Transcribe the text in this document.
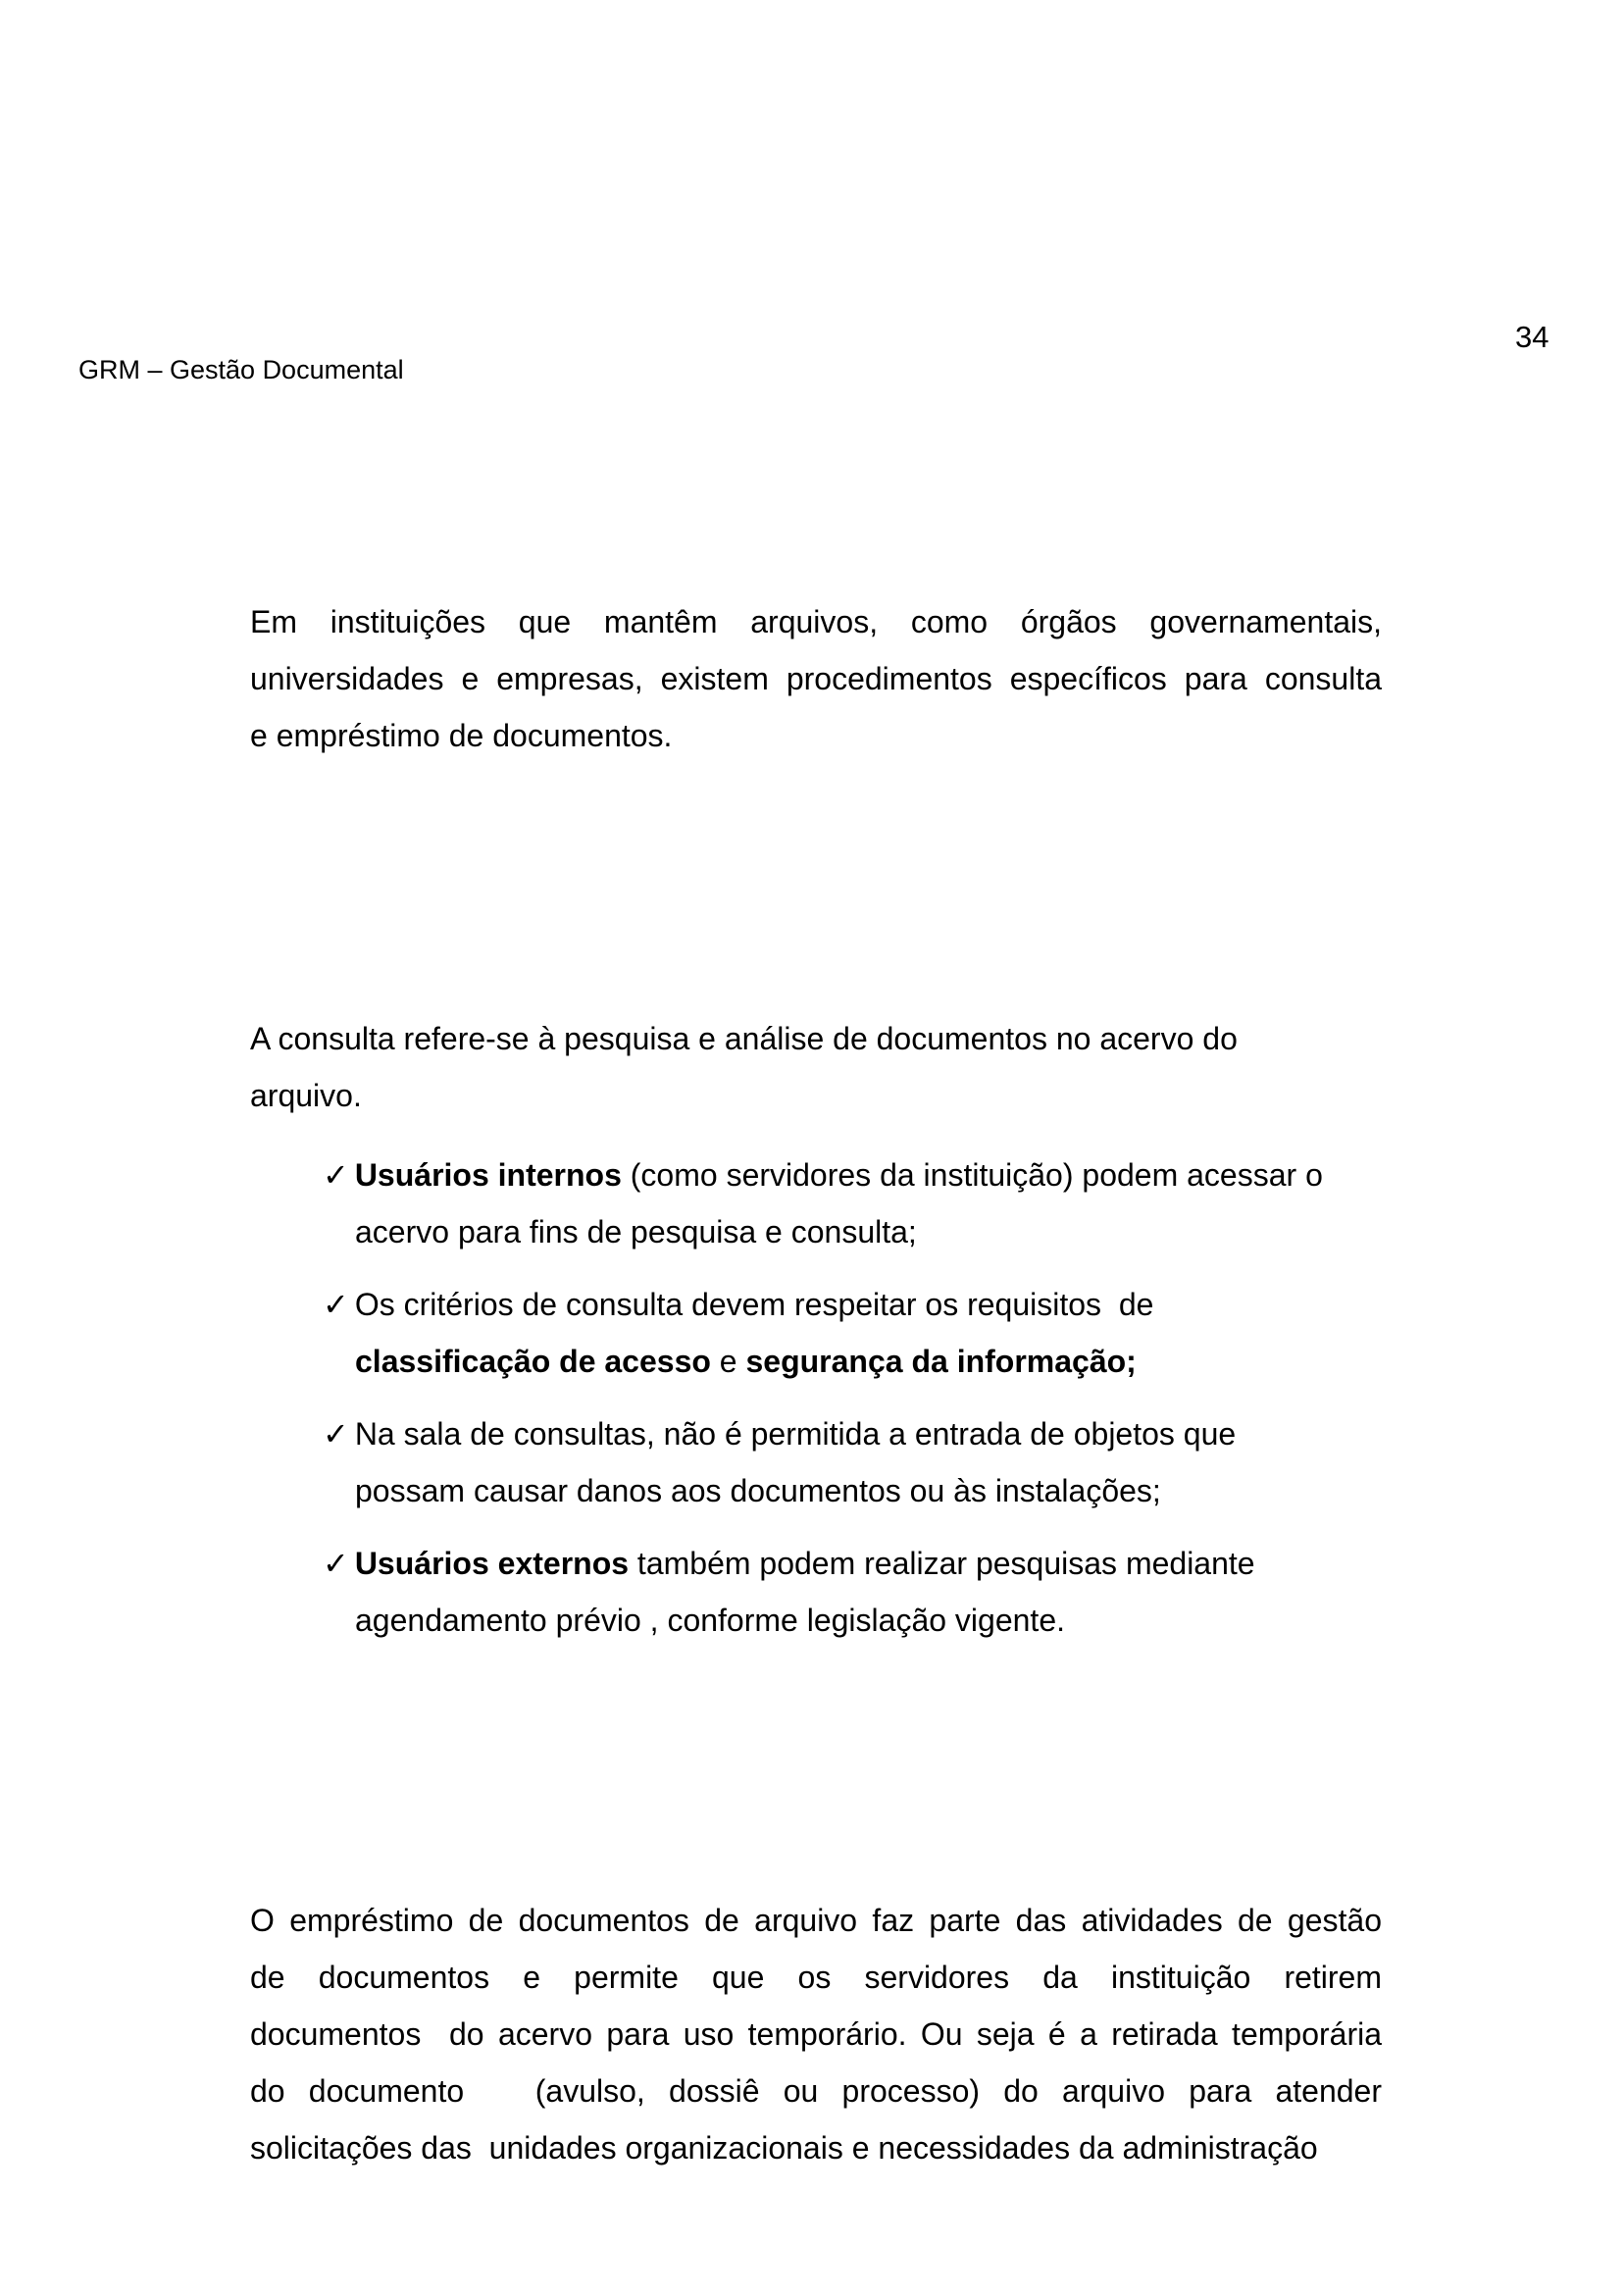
34
GRM – Gestão Documental
Em instituições que mantêm arquivos, como órgãos governamentais,
universidades e empresas, existem procedimentos específicos para consulta
e empréstimo de documentos.
A consulta refere-se à pesquisa e análise de documentos no acervo do
arquivo.
✓ Usuários internos (como servidores da instituição) podem acessar o
acervo para fins de pesquisa e consulta;
✓ Os critérios de consulta devem respeitar os requisitos  de
classificação de acesso e segurança da informação;
✓ Na sala de consultas, não é permitida a entrada de objetos que
possam causar danos aos documentos ou às instalações;
✓ Usuários externos também podem realizar pesquisas mediante
agendamento prévio , conforme legislação vigente.
O empréstimo de documentos de arquivo faz parte das atividades de gestão
de documentos e permite que os servidores da instituição retirem
documentos  do acervo para uso temporário. Ou seja é a retirada temporária
do documento   (avulso, dossiê ou processo) do arquivo para atender
solicitações das  unidades organizacionais e necessidades da administração
